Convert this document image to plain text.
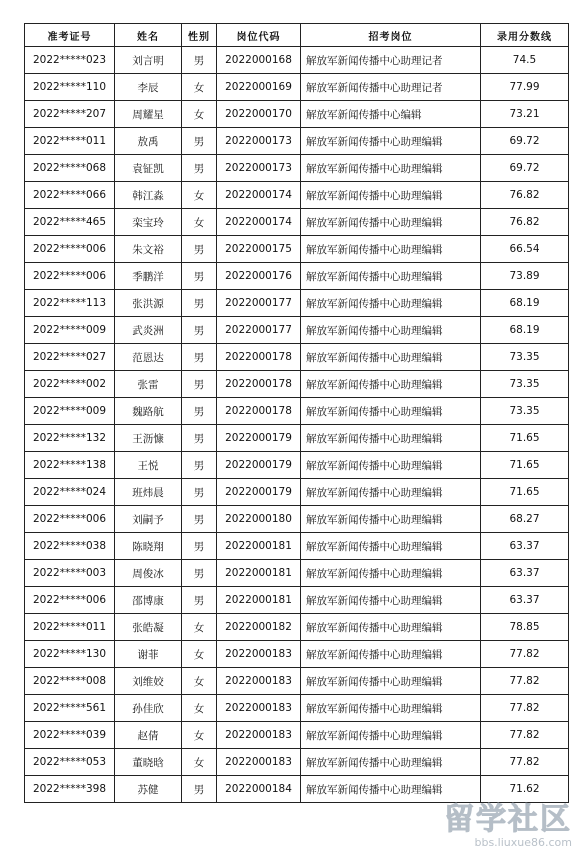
准考证号	姓名	性别	岗位代码	招考岗位	录用分数线
2022*****023	刘言明	男	2022000168	解放军新闻传播中心助理记者	74.5
2022*****110	李辰	女	2022000169	解放军新闻传播中心助理记者	77.99
2022*****207	周耀星	女	2022000170	解放军新闻传播中心编辑	73.21
2022*****011	敖禹	男	2022000173	解放军新闻传播中心助理编辑	69.72
2022*****068	袁钲凯	男	2022000173	解放军新闻传播中心助理编辑	69.72
2022*****066	韩江淼	女	2022000174	解放军新闻传播中心助理编辑	76.82
2022*****465	栾宝玲	女	2022000174	解放军新闻传播中心助理编辑	76.82
2022*****006	朱文裕	男	2022000175	解放军新闻传播中心助理编辑	66.54
2022*****006	季鹏洋	男	2022000176	解放军新闻传播中心助理编辑	73.89
2022*****113	张洪源	男	2022000177	解放军新闻传播中心助理编辑	68.19
2022*****009	武炎洲	男	2022000177	解放军新闻传播中心助理编辑	68.19
2022*****027	范恩达	男	2022000178	解放军新闻传播中心助理编辑	73.35
2022*****002	张雷	男	2022000178	解放军新闻传播中心助理编辑	73.35
2022*****009	魏路航	男	2022000178	解放军新闻传播中心助理编辑	73.35
2022*****132	王沥慷	男	2022000179	解放军新闻传播中心助理编辑	71.65
2022*****138	王悦	男	2022000179	解放军新闻传播中心助理编辑	71.65
2022*****024	班炜晨	男	2022000179	解放军新闻传播中心助理编辑	71.65
2022*****006	刘嗣予	男	2022000180	解放军新闻传播中心助理编辑	68.27
2022*****038	陈晓翔	男	2022000181	解放军新闻传播中心助理编辑	63.37
2022*****003	周俊冰	男	2022000181	解放军新闻传播中心助理编辑	63.37
2022*****006	邵博康	男	2022000181	解放军新闻传播中心助理编辑	63.37
2022*****011	张皓凝	女	2022000182	解放军新闻传播中心助理编辑	78.85
2022*****130	谢菲	女	2022000183	解放军新闻传播中心助理编辑	77.82
2022*****008	刘维姣	女	2022000183	解放军新闻传播中心助理编辑	77.82
2022*****561	孙佳欣	女	2022000183	解放军新闻传播中心助理编辑	77.82
2022*****039	赵倩	女	2022000183	解放军新闻传播中心助理编辑	77.82
2022*****053	董晓晗	女	2022000183	解放军新闻传播中心助理编辑	77.82
2022*****398	苏健	男	2022000184	解放军新闻传播中心助理编辑	71.62
留学社区
bbs.liuxue86.com
